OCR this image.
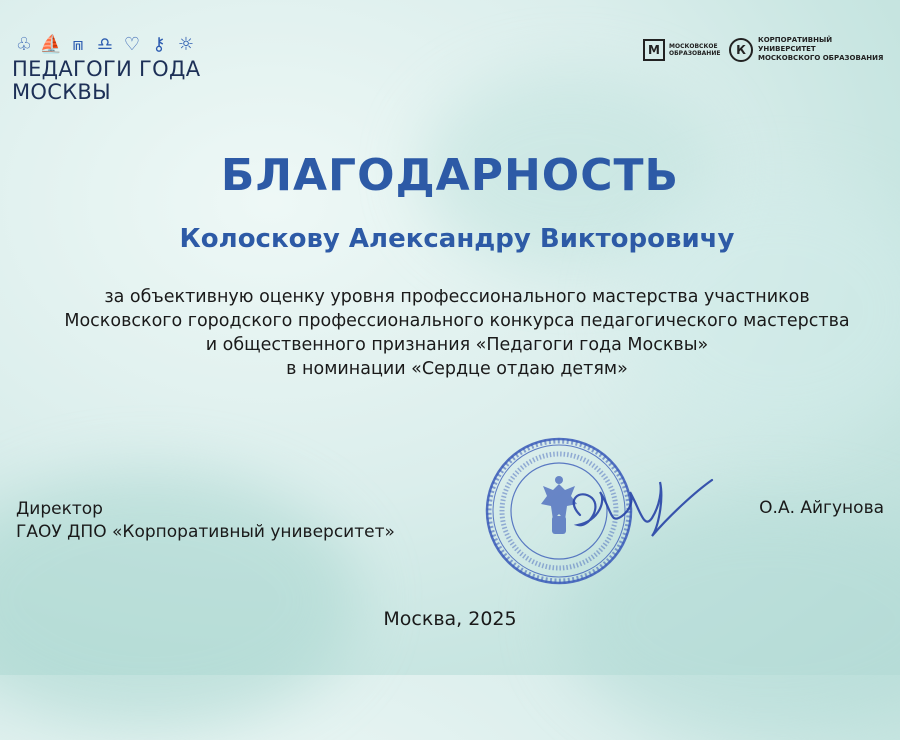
♧ ⛵ ⩎ ♎ ♡ ⚷ ☼
ПЕДАГОГИ ГОДА
МОСКВЫ
М	МОСКОВСКОЕ
ОБРАЗОВАНИЕ	К
КОРПОРАТИВНЫЙ УНИВЕРСИТЕТ
МОСКОВСКОГО ОБРАЗОВАНИЯ
БЛАГОДАРНОСТЬ
Колоскову Александру Викторовичу
за объективную оценку уровня профессионального мастерства участников
Московского городского профессионального конкурса педагогического мастерства
и общественного признания «Педагоги года Москвы»
в номинации «Сердце отдаю детям»
Директор
ГАОУ ДПО «Корпоративный университет»
О.А. Айгунова
Москва, 2025
